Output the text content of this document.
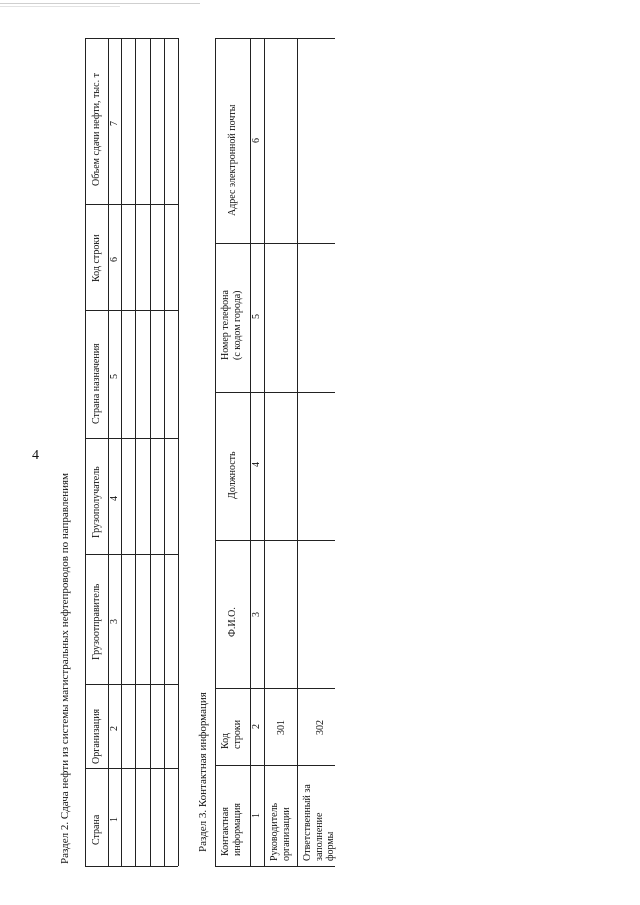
4
Раздел 2. Сдача нефти из системы магистральных нефтепроводов по направлениям	Раздел 3. Контактная информация
Страна
Организация
Грузоотправитель
Грузополучатель
Страна назначения
Код строки
Объем сдачи нефти, тыс. т
1
2
3
4
5
6
7
Контактная информация
Код строки
Ф.И.О.
Должность
Номер телефона (с кодом города)
Адрес электронной почты
1
2
3
4
5
6
Руководитель организации
301
Ответственный за заполнение формы
302
